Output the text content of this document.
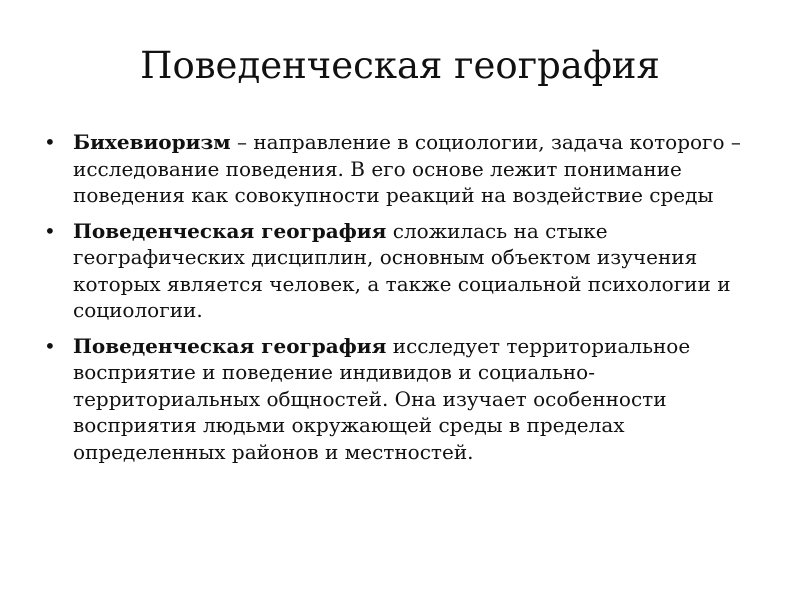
Поведенческая география
• Бихевиоризм – направление в социологии, задача которого – исследование поведения. В его основе лежит понимание поведения как совокупности реакций на воздействие среды
• Поведенческая география сложилась на стыке географических дисциплин, основным объектом изучения которых является человек, а также социальной психологии и социологии.
• Поведенческая география исследует территориальное восприятие и поведение индивидов и социально-территориальных общностей. Она изучает особенности восприятия людьми окружающей среды в пределах определенных районов и местностей.
